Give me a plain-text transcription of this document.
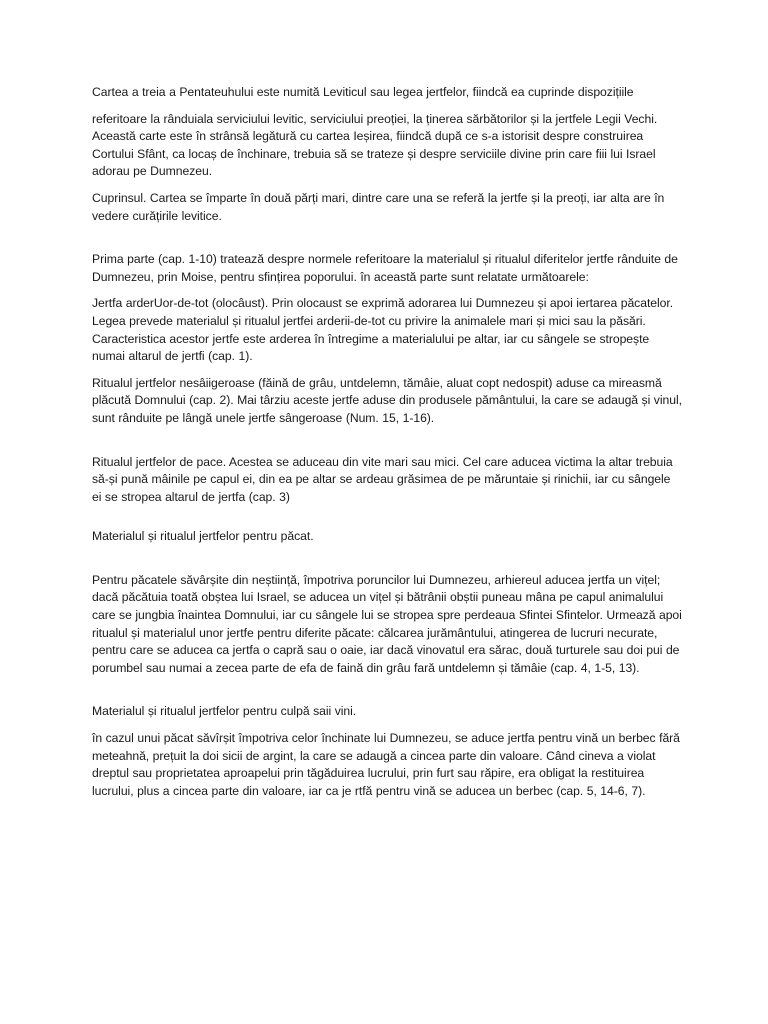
Cartea a treia a Pentateuhului este numită Leviticul sau legea jertfelor, fiindcă ea cuprinde dispozițiile

referitoare la rânduiala serviciului levitic, serviciului preoției, la ținerea sărbătorilor și la jertfele Legii Vechi. Această carte este în strânsă legătură cu cartea Ieșirea, fiindcă după ce s-a istorisit despre construirea Cortului Sfânt, ca locaș de închinare, trebuia să se trateze și despre serviciile divine prin care fiii lui Israel adorau pe Dumnezeu.

Cuprinsul. Cartea se împarte în două părți mari, dintre care una se referă la jertfe și la preoți, iar alta are în vedere curățirile levitice.

Prima parte (cap. 1-10) tratează despre normele referitoare la materialul și ritualul diferitelor jertfe rânduite de Dumnezeu, prin Moise, pentru sfințirea poporului. în această parte sunt relatate următoarele:

Jertfa arderUor-de-tot (olocâust). Prin olocaust se exprimă adorarea lui Dumnezeu și apoi iertarea păcatelor. Legea prevede materialul și ritualul jertfei arderii-de-tot cu privire la animalele mari și mici sau la păsări. Caracteristica acestor jertfe este arderea în întregime a materialului pe altar, iar cu sângele se stropește numai altarul de jertfi (cap. 1).

Ritualul jertfelor nesâiigeroase (făină de grâu, untdelemn, tămâie, aluat copt nedospit) aduse ca mireasmă plăcută Domnului (cap. 2). Mai târziu aceste jertfe aduse din produsele pământului, la care se adaugă și vinul, sunt rânduite pe lângă unele jertfe sângeroase (Num. 15, 1-16).

Ritualul jertfelor de pace. Acestea se aduceau din vite mari sau mici. Cel care aducea victima la altar trebuia să-și pună mâinile pe capul ei, din ea pe altar se ardeau grăsimea de pe măruntaie și rinichii, iar cu sângele ei se stropea altarul de jertfa (cap. 3)

Materialul și ritualul jertfelor pentru păcat.

Pentru păcatele săvârșite din neștiință, împotriva poruncilor lui Dumnezeu, arhiereul aducea jertfa un vițel; dacă păcătuia toată obștea lui Israel, se aducea un vițel și bătrânii obștii puneau mâna pe capul animalului care se jungbia înaintea Domnului, iar cu sângele lui se stropea spre perdeaua Sfintei Sfintelor. Urmează apoi ritualul și materialul unor jertfe pentru diferite păcate: călcarea jurământului, atingerea de lucruri necurate, pentru care se aducea ca jertfa o capră sau o oaie, iar dacă vinovatul era sărac, două turturele sau doi pui de porumbel sau numai a zecea parte de efa de faină din grâu fară untdelemn și tămâie (cap. 4, 1-5, 13).

Materialul și ritualul jertfelor pentru culpă saii vini.

în cazul unui păcat săvîrșit împotriva celor închinate lui Dumnezeu, se aduce jertfa pentru vină un berbec fără meteahnă, prețuit la doi sicii de argint, la care se adaugă a cincea parte din valoare. Când cineva a violat dreptul sau proprietatea aproapelui prin tăgăduirea lucrului, prin furt sau răpire, era obligat la restituirea lucrului, plus a cincea parte din valoare, iar ca je rtfă pentru vină se aducea un berbec (cap. 5, 14-6, 7).
